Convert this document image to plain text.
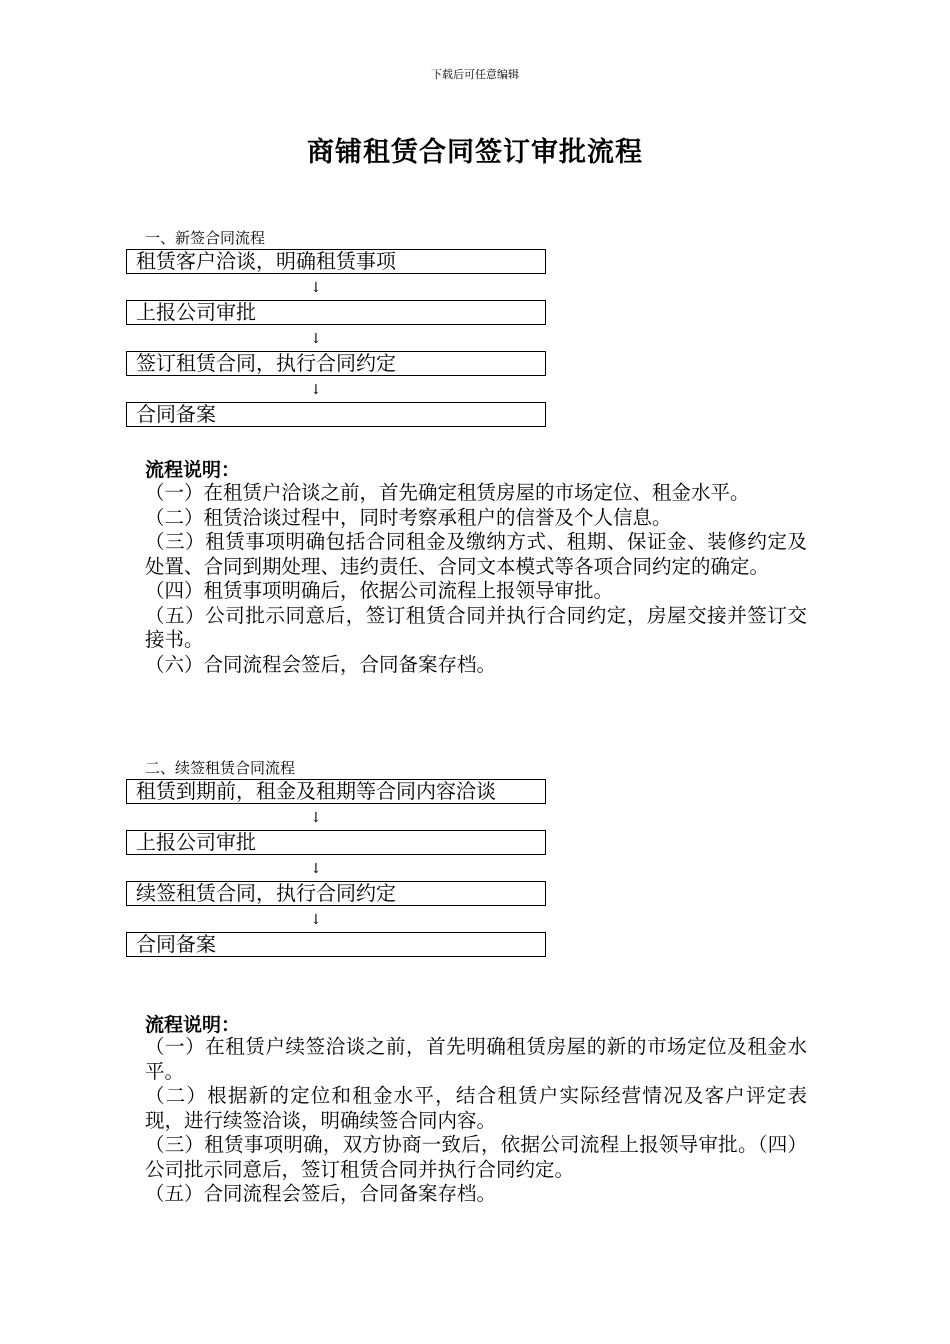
下载后可任意编辑
商铺租赁合同签订审批流程
一、新签合同流程
租赁客户洽谈，明确租赁事项
↓
上报公司审批
↓
签订租赁合同，执行合同约定
↓
合同备案
流程说明：

（一）在租赁户洽谈之前，首先确定租赁房屋的市场定位、租金水平。

（二）租赁洽谈过程中，同时考察承租户的信誉及个人信息。

（三）租赁事项明确包括合同租金及缴纳方式、租期、保证金、装修约定及处置、合同到期处理、违约责任、合同文本模式等各项合同约定的确定。

（四）租赁事项明确后，依据公司流程上报领导审批。

（五）公司批示同意后，签订租赁合同并执行合同约定，房屋交接并签订交接书。

（六）合同流程会签后，合同备案存档。

二、续签租赁合同流程
租赁到期前，租金及租期等合同内容洽谈
↓
上报公司审批
↓
续签租赁合同，执行合同约定
↓
合同备案
流程说明：

（一）在租赁户续签洽谈之前，首先明确租赁房屋的新的市场定位及租金水平。

（二）根据新的定位和租金水平，结合租赁户实际经营情况及客户评定表现，进行续签洽谈，明确续签合同内容。

（三）租赁事项明确，双方协商一致后，依据公司流程上报领导审批。（四）公司批示同意后，签订租赁合同并执行合同约定。

（五）合同流程会签后，合同备案存档。
